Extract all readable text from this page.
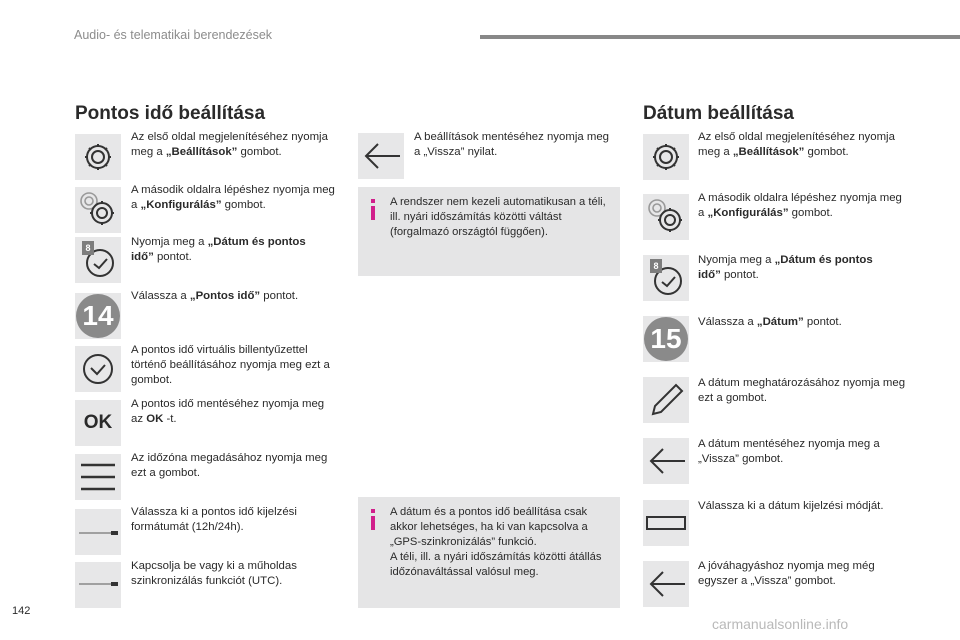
Audio- és telematikai berendezések
Pontos idő beállítása
Az első oldal megjelenítéséhez nyomja meg a „Beállítások” gombot.
A második oldalra lépéshez nyomja meg a „Konfigurálás” gombot.
8	Nyomja meg a „Dátum és pontos idő” pontot.
14
Válassza a „Pontos idő” pontot.
A pontos idő virtuális billentyűzettel történő beállításához nyomja meg ezt a gombot.
OK
A pontos idő mentéséhez nyomja meg az OK -t.
Az időzóna megadásához nyomja meg ezt a gombot.
Válassza ki a pontos idő kijelzési formátumát (12h/24h).
Kapcsolja be vagy ki a műholdas szinkronizálás funkciót (UTC).
A beállítások mentéséhez nyomja meg a „Vissza” nyilat.
A rendszer nem kezeli automatikusan a téli, ill. nyári időszámítás közötti váltást (forgalmazó országtól függően).
A dátum és a pontos idő beállítása csak akkor lehetséges, ha ki van kapcsolva a „GPS-szinkronizálás” funkció.
A téli, ill. a nyári időszámítás közötti átállás időzónaváltással valósul meg.
Dátum beállítása
Az első oldal megjelenítéséhez nyomja meg a „Beállítások” gombot.
A második oldalra lépéshez nyomja meg a „Konfigurálás” gombot.
8	Nyomja meg a „Dátum és pontos idő” pontot.
15
Válassza a „Dátum” pontot.
A dátum meghatározásához nyomja meg ezt a gombot.
A dátum mentéséhez nyomja meg a „Vissza” gombot.
Válassza ki a dátum kijelzési módját.
A jóváhagyáshoz nyomja meg még egyszer a „Vissza” gombot.
142
carmanualsonline.info
